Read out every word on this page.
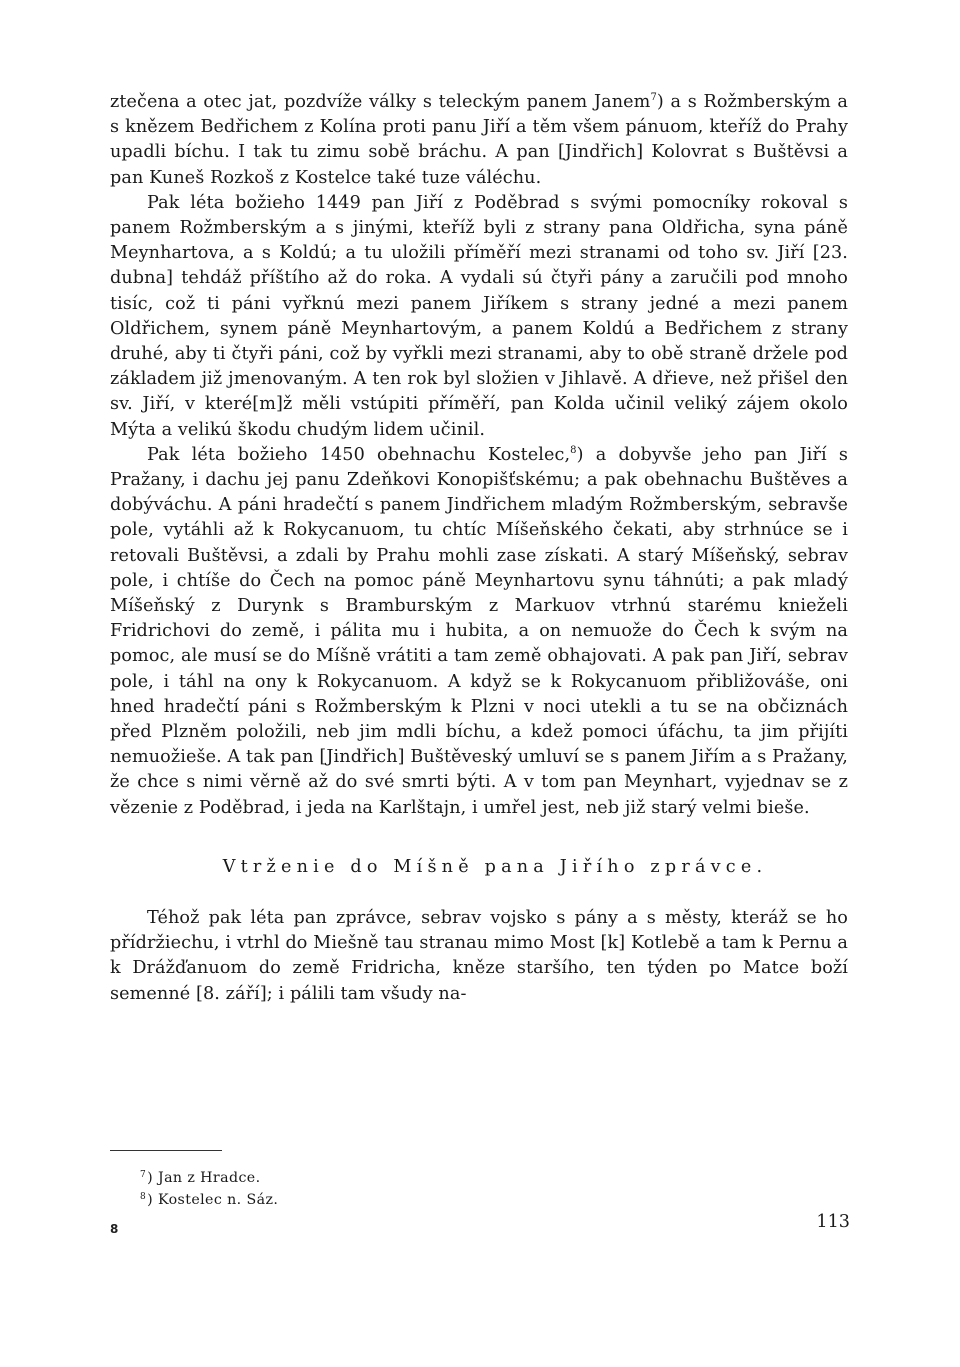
ztečena a otec jat, pozdvíže války s teleckým panem Janem$^7$) a s Rožmberským a s knězem Bedřichem z Kolína proti panu Jiří a těm všem pánuom, kteříž do Prahy upadli bíchu. I tak tu zimu sobě bráchu. A pan [Jindřich] Kolovrat s Buštěvsi a pan Kuneš Rozkoš z Kostelce také tuze váléchu.

Pak léta božieho 1449 pan Jiří z Poděbrad s svými pomocníky rokoval s panem Rožmberským a s jinými, kteříž byli z strany pana Oldřicha, syna páně Meynhartova, a s Koldú; a tu uložili příměří mezi stranami od toho sv. Jiří [23. dubna] tehdáž příštího až do roka. A vydali sú čtyři pány a zaručili pod mnoho tisíc, což ti páni vyřknú mezi panem Jiříkem s strany jedné a mezi panem Oldřichem, synem páně Meynhartovým, a panem Koldú a Bedřichem z strany druhé, aby ti čtyři páni, což by vyřkli mezi stranami, aby to obě straně drželе pod základem již jmenovaným. A ten rok byl složien v Jihlavě. A dřieve, než přišel den sv. Jiří, v které[m]ž měli vstúpiti příměří, pan Kolda učinil veliký zájem okolo Mýta a velikú škodu chudým lidem učinil.

Pak léta božieho 1450 obehnachu Kostelec,$^8$) a dobyvše jeho pan Jiří s Pražany, i dachu jej panu Zdeňkovi Konopišťskému; a pak obehnachu Buštěves a dobýváchu. A páni hradečtí s panem Jindřichem mladým Rožmberským, sebravše pole, vytáhli až k Rokycanuom, tu chtíc Míšeňského čekati, aby strhnúce se i retovali Buštěvsi, a zdali by Prahu mohli zase získati. A starý Míšeňský, sebrav pole, i chtíše do Čech na pomoc páně Meynhartovu synu táhnúti; a pak mladý Míšeňský z Durynk s Bramburským z Markuov vtrhnú starému knieželi Fridrichovi do země, i pálita mu i hubita, a on nemuože do Čech k svým na pomoc, ale musí se do Míšně vrátiti a tam země obhajovati. A pak pan Jiří, sebrav pole, i táhl na ony k Rokycanuom. A když se k Rokycanuom přibližováše, oni hned hradečtí páni s Rožmberským k Plzni v noci utekli a tu se na občiznách před Plzněm položili, neb jim mdli bíchu, a kdež pomoci úfáchu, ta jim přijíti nemuožieše. A tak pan [Jindřich] Buštěveský umluví se s panem Jiřím a s Pražany, že chce s nimi věrně až do své smrti býti. A v tom pan Meynhart, vyjednav se z vězenie z Poděbrad, i jeda na Karlštajn, i umřel jest, neb již starý velmi bieše.

Vtrženie do Míšně pana Jiřího zprávce.

Téhož pak léta pan zprávce, sebrav vojsko s pány a s městy, kteráž se ho přídržiechu, i vtrhl do Miešně tau stranau mimo Most [k] Kotlebě a tam k Pernu a k Drážďanuom do země Fridricha, kněze staršího, ten týden po Matce boží semenné [8. září]; i pálili tam všudy na-

$^7$) Jan z Hradce.
$^8$) Kostelec n. Sáz.
8	113
